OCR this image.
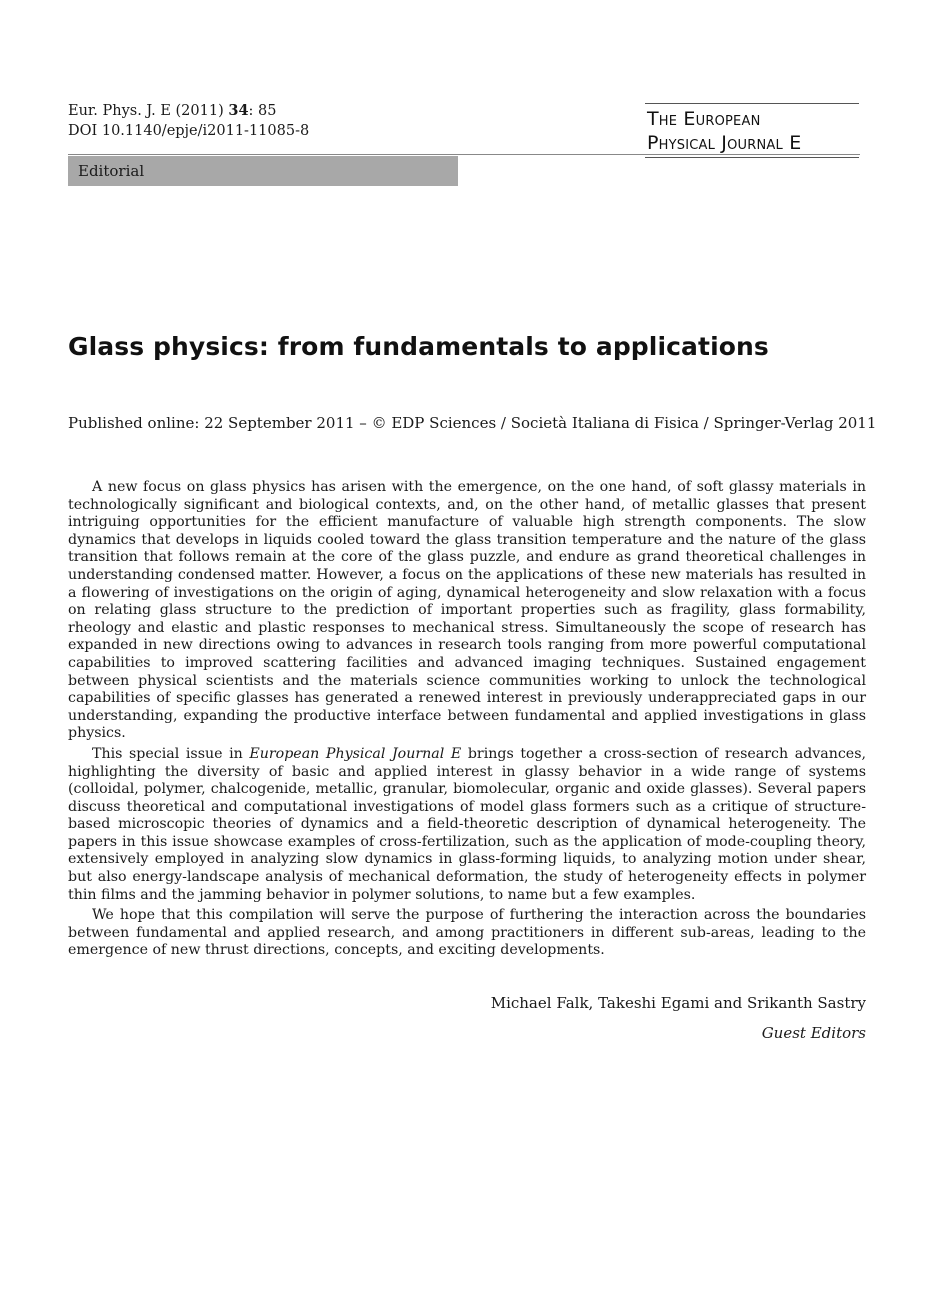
Eur. Phys. J. E (2011) 34: 85
DOI 10.1140/epje/i2011-11085-8
The European
Physical Journal E
Editorial
Glass physics: from fundamentals to applications
Published online: 22 September 2011 – © EDP Sciences / Società Italiana di Fisica / Springer-Verlag 2011

A new focus on glass physics has arisen with the emergence, on the one hand, of soft glassy materials in technologically significant and biological contexts, and, on the other hand, of metallic glasses that present intriguing opportunities for the efficient manufacture of valuable high strength components. The slow dynamics that develops in liquids cooled toward the glass transition temperature and the nature of the glass transition that follows remain at the core of the glass puzzle, and endure as grand theoretical challenges in understanding condensed matter. However, a focus on the applications of these new materials has resulted in a flowering of investigations on the origin of aging, dynamical heterogeneity and slow relaxation with a focus on relating glass structure to the prediction of important properties such as fragility, glass formability, rheology and elastic and plastic responses to mechanical stress. Simultaneously the scope of research has expanded in new directions owing to advances in research tools ranging from more powerful computational capabilities to improved scattering facilities and advanced imaging techniques. Sustained engagement between physical scientists and the materials science communities working to unlock the technological capabilities of specific glasses has generated a renewed interest in previously underappreciated gaps in our understanding, expanding the productive interface between fundamental and applied investigations in glass physics.

This special issue in European Physical Journal E brings together a cross-section of research advances, highlighting the diversity of basic and applied interest in glassy behavior in a wide range of systems (colloidal, polymer, chalcogenide, metallic, granular, biomolecular, organic and oxide glasses). Several papers discuss theoretical and computational investigations of model glass formers such as a critique of structure-based microscopic theories of dynamics and a field-theoretic description of dynamical heterogeneity. The papers in this issue showcase examples of cross-fertilization, such as the application of mode-coupling theory, extensively employed in analyzing slow dynamics in glass-forming liquids, to analyzing motion under shear, but also energy-landscape analysis of mechanical deformation, the study of heterogeneity effects in polymer thin films and the jamming behavior in polymer solutions, to name but a few examples.

We hope that this compilation will serve the purpose of furthering the interaction across the boundaries between fundamental and applied research, and among practitioners in different sub-areas, leading to the emergence of new thrust directions, concepts, and exciting developments.

Michael Falk, Takeshi Egami and Srikanth Sastry
Guest Editors
